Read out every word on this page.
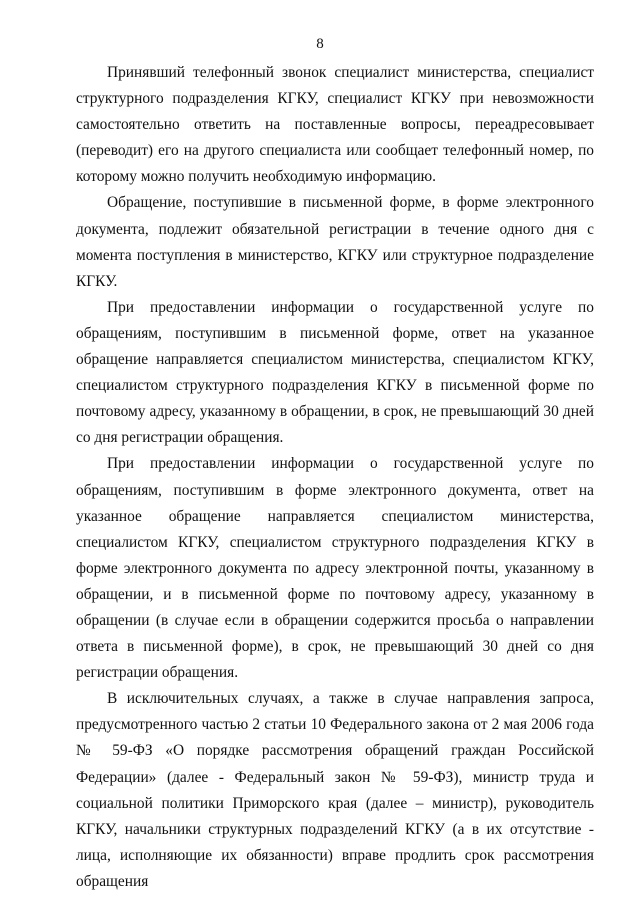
8

Принявший телефонный звонок специалист министерства, специалист структурного подразделения КГКУ, специалист КГКУ при невозможности самостоятельно ответить на поставленные вопросы, переадресовывает (переводит) его на другого специалиста или сообщает телефонный номер, по которому можно получить необходимую информацию.

Обращение, поступившие в письменной форме, в форме электронного документа, подлежит обязательной регистрации в течение одного дня с момента поступления в министерство, КГКУ или структурное подразделение КГКУ.

При предоставлении информации о государственной услуге по обращениям, поступившим в письменной форме, ответ на указанное обращение направляется специалистом министерства, специалистом КГКУ, специалистом структурного подразделения КГКУ в письменной форме по почтовому адресу, указанному в обращении, в срок, не превышающий 30 дней со дня регистрации обращения.

При предоставлении информации о государственной услуге по обращениям, поступившим в форме электронного документа, ответ на указанное обращение направляется специалистом министерства, специалистом КГКУ, специалистом структурного подразделения КГКУ в форме электронного документа по адресу электронной почты, указанному в обращении, и в письменной форме по почтовому адресу, указанному в обращении (в случае если в обращении содержится просьба о направлении ответа в письменной форме), в срок, не превышающий 30 дней со дня регистрации обращения.

В исключительных случаях, а также в случае направления запроса, предусмотренного частью 2 статьи 10 Федерального закона от 2 мая 2006 года № 59-ФЗ «О порядке рассмотрения обращений граждан Российской Федерации» (далее - Федеральный закон № 59-ФЗ), министр труда и социальной политики Приморского края (далее – министр), руководитель КГКУ, начальники структурных подразделений КГКУ (а в их отсутствие - лица, исполняющие их обязанности) вправе продлить срок рассмотрения обращения
